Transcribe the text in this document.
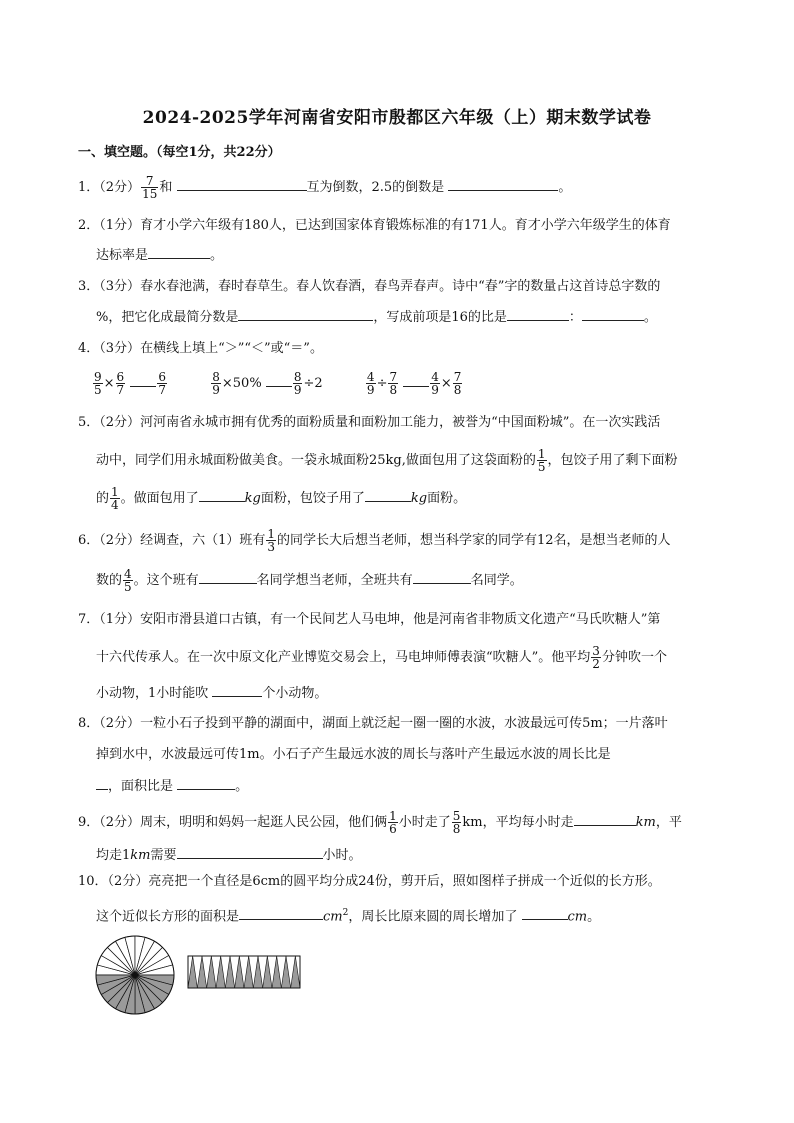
2024-2025学年河南省安阳市殷都区六年级（上）期末数学试卷
一、填空题。（每空1分，共22分）
1．（2分） $\frac{7}{15}$ 和	互为倒数，2.5的倒数是	。
2．（1分）育才小学六年级有180人，已达到国家体育锻炼标准的有171人。育才小学六年级学生的体育
达标率是	。
3．（3分）春水春池满，春时春草生。春人饮春酒，春鸟弄春声。诗中“春”字的数量占这首诗总字数的
%，把它化成最简分数是	，写成前项是16的比是	：	。
4．（3分）在横线上填上“＞”“＜”或“＝”。
$\frac{9}{5} \times \frac{6}{7}$
	$\frac{6}{7}$
	$\frac{8}{9} \times 50\%$	$\frac{8}{9} \div 2$	$\frac{4}{9} \div \frac{7}{8}$
	$\frac{4}{9} \times \frac{7}{8}$
5．（2分）河河南省永城市拥有优秀的面粉质量和面粉加工能力，被誉为“中国面粉城”。在一次实践活
动中，同学们用永城面粉做美食。一袋永城面粉25kg,做面包用了这袋面粉的 $\frac{1}{5}$ ，包饺子用了剩下面粉
的 $\frac{1}{4}$ 。做面包用了	kg面粉，包饺子用了	kg面粉。
6．（2分）经调查，六（1）班有 $\frac{1}{3}$ 的同学长大后想当老师，想当科学家的同学有12名，是想当老师的人
数的 $\frac{4}{5}$ 。这个班有	名同学想当老师，全班共有	名同学。
7．（1分）安阳市滑县道口古镇，有一个民间艺人马电坤，他是河南省非物质文化遗产“马氏吹糖人”第
十六代传承人。在一次中原文化产业博览交易会上，马电坤师傅表演“吹糖人”。他平均 $\frac{3}{2}$ 分钟吹一个
小动物，1小时能吹	个小动物。
8．（2分）一粒小石子投到平静的湖面中，湖面上就泛起一圈一圈的水波，水波最远可传5m；一片落叶
掉到水中，水波最远可传1m。小石子产生最远水波的周长与落叶产生最远水波的周长比是
，面积比是	。
9．（2分）周末，明明和妈妈一起逛人民公园，他们俩 $\frac{1}{6}$ 小时走了 $\frac{5}{8}$ km，平均每小时走	km，平
均走1km需要	小时。
10．（2分）亮亮把一个直径是6cm的圆平均分成24份，剪开后，照如图样子拼成一个近似的长方形。
这个近似长方形的面积是	$cm^2$，周长比原来圆的周长增加了	cm。
